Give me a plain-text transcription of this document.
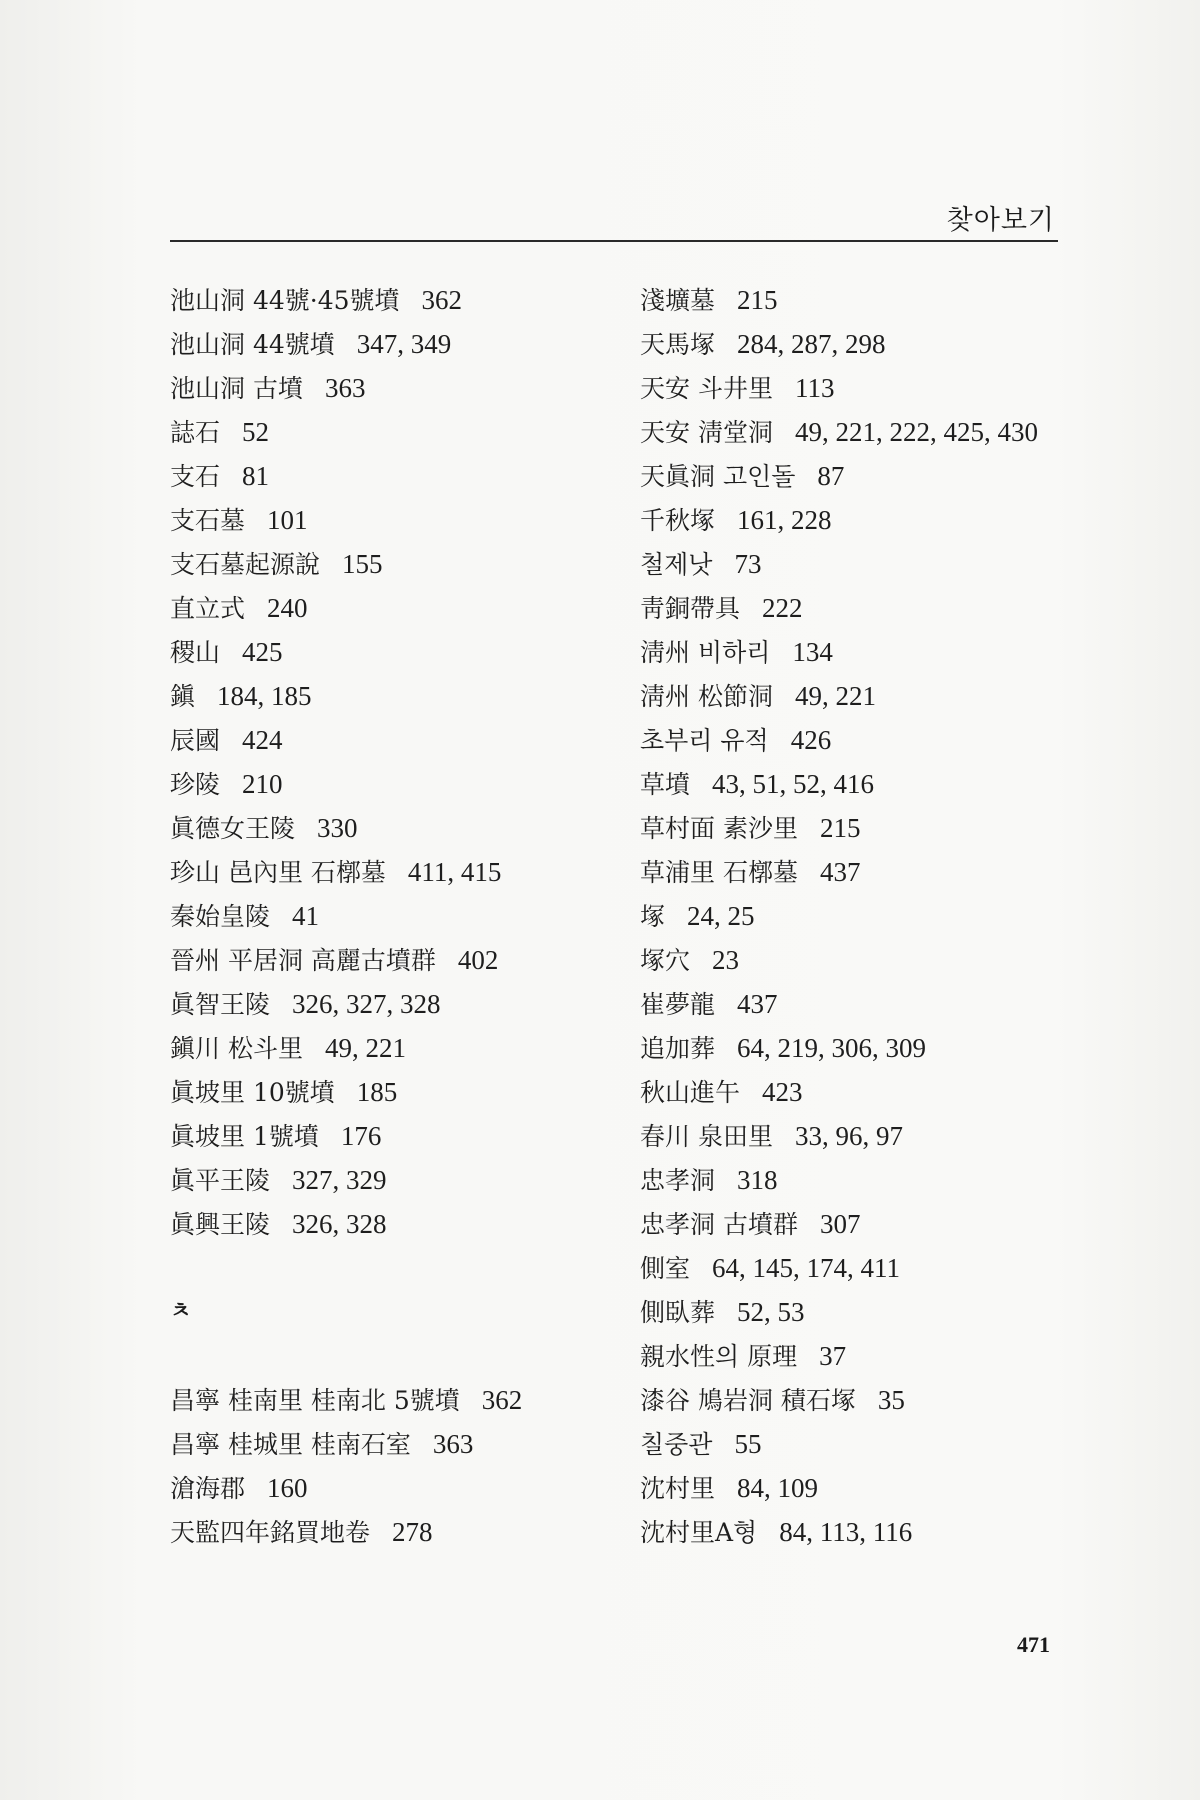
찾아보기
池山洞 44號·45號墳 362
池山洞 44號墳 347, 349
池山洞 古墳 363
誌石 52
支石 81
支石墓 101
支石墓起源說 155
直立式 240
稷山 425
鎭 184, 185
辰國 424
珍陵 210
眞德女王陵 330
珍山 邑內里 石槨墓 411, 415
秦始皇陵 41
晉州 平居洞 高麗古墳群 402
眞智王陵 326, 327, 328
鎭川 松斗里 49, 221
眞坡里 10號墳 185
眞坡里 1號墳 176
眞平王陵 327, 329
眞興王陵 326, 328
ㅊ
昌寧 桂南里 桂南北 5號墳 362
昌寧 桂城里 桂南石室 363
滄海郡 160
天監四年銘買地卷 278
淺壙墓 215
天馬塚 284, 287, 298
天安 斗井里 113
天安 淸堂洞 49, 221, 222, 425, 430
天眞洞 고인돌 87
千秋塚 161, 228
철제낫 73
靑銅帶具 222
淸州 비하리 134
淸州 松節洞 49, 221
초부리 유적 426
草墳 43, 51, 52, 416
草村面 素沙里 215
草浦里 石槨墓 437
塚 24, 25
塚穴 23
崔夢龍 437
追加葬 64, 219, 306, 309
秋山進午 423
春川 泉田里 33, 96, 97
忠孝洞 318
忠孝洞 古墳群 307
側室 64, 145, 174, 411
側臥葬 52, 53
親水性의 原理 37
漆谷 鳩岩洞 積石塚 35
칠중관 55
沈村里 84, 109
沈村里A형 84, 113, 116
471
